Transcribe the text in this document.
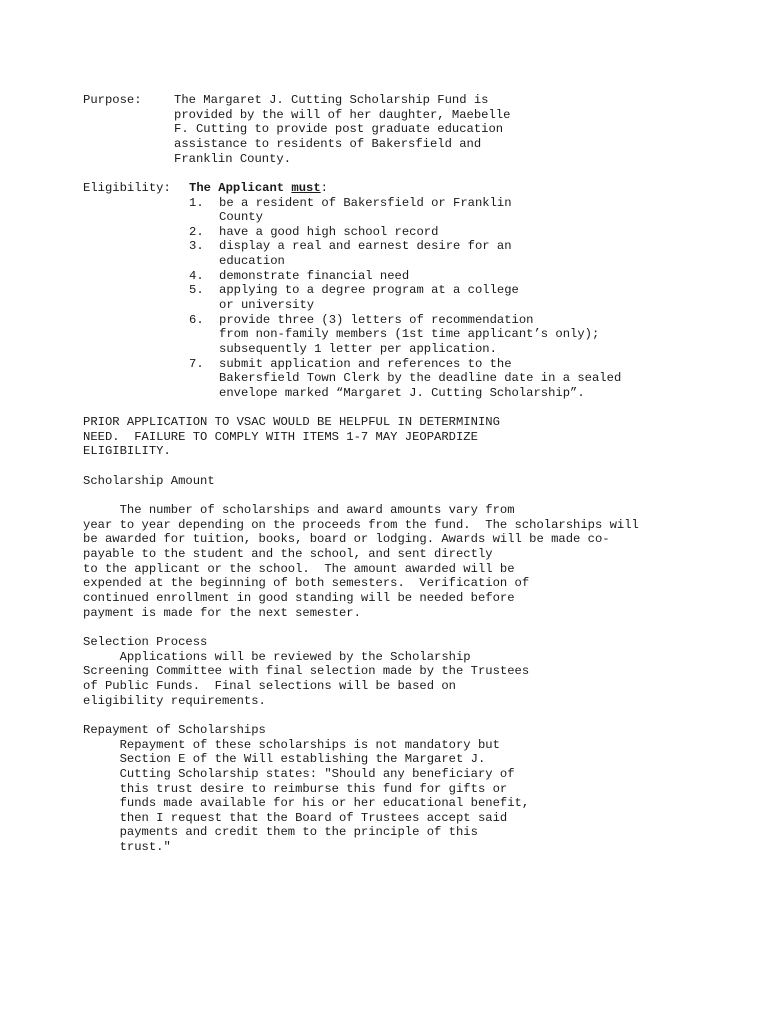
Purpose:	The Margaret J. Cutting Scholarship Fund is
provided by the will of her daughter, Maebelle
F. Cutting to provide post graduate education
assistance to residents of Bakersfield and
Franklin County.
Eligibility: The Applicant must:
1. be a resident of Bakersfield or Franklin
County
2. have a good high school record
3. display a real and earnest desire for an
education
4. demonstrate financial need
5. applying to a degree program at a college
or university
6. provide three (3) letters of recommendation
from non-family members (1st time applicant’s only);
subsequently 1 letter per application.
7. submit application and references to the
Bakersfield Town Clerk by the deadline date in a sealed
envelope marked “Margaret J. Cutting Scholarship”.
PRIOR APPLICATION TO VSAC WOULD BE HELPFUL IN DETERMINING
NEED.  FAILURE TO COMPLY WITH ITEMS 1-7 MAY JEOPARDIZE
ELIGIBILITY.
Scholarship Amount
The number of scholarships and award amounts vary from
year to year depending on the proceeds from the fund.  The scholarships will
be awarded for tuition, books, board or lodging. Awards will be made co-
payable to the student and the school, and sent directly
to the applicant or the school.  The amount awarded will be
expended at the beginning of both semesters.  Verification of
continued enrollment in good standing will be needed before
payment is made for the next semester.
Selection Process
Applications will be reviewed by the Scholarship
Screening Committee with final selection made by the Trustees
of Public Funds.  Final selections will be based on
eligibility requirements.
Repayment of Scholarships
Repayment of these scholarships is not mandatory but
Section E of the Will establishing the Margaret J.
Cutting Scholarship states: "Should any beneficiary of
this trust desire to reimburse this fund for gifts or
funds made available for his or her educational benefit,
then I request that the Board of Trustees accept said
payments and credit them to the principle of this
trust."
